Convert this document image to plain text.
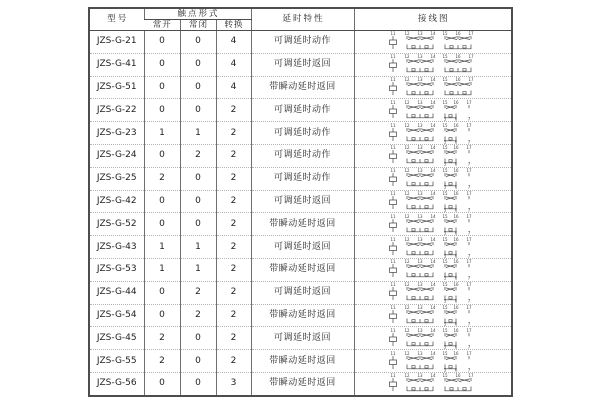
型号	触点形式			延时特性	接线图
	常开	常闭	转换		
JZS-G-21	0	0	4	可调延时动作	
11 12 13 14 15 16 17

JZS-G-41	0	0	4	可调延时返回	
11 12 13 14 15 16 17

JZS-G-51	0	0	4	带瞬动延时返回	
11 12 13 14 15 16 17

JZS-G-22	0	0	2	可调延时动作	
11 12 13 14 15 16 17
5 6	7

JZS-G-23	1	1	2	可调延时动作	
11 12 13 14 15 16 17
5 6	7

JZS-G-24	0	2	2	可调延时动作	
11 12 13 14 15 16 17
5 6	7

JZS-G-25	2	0	2	可调延时动作	
11 12 13 14 15 16 17
5 6	7

JZS-G-42	0	0	2	可调延时返回	
11 12 13 14 15 16 17
5 6	7

JZS-G-52	0	0	2	带瞬动延时返回	
11 12 13 14 15 16 17
5 6	7

JZS-G-43	1	1	2	可调延时返回	
11 12 13 14 15 16 17
5 6	7

JZS-G-53	1	1	2	带瞬动延时返回	
11 12 13 14 15 16 17
5 6	7

JZS-G-44	0	2	2	可调延时返回	
11 12 13 14 15 16 17
5 6	7

JZS-G-54	0	2	2	带瞬动延时返回	
11 12 13 14 15 16 17
5 6	7

JZS-G-45	2	0	2	可调延时返回	
11 12 13 14 15 16 17
5 6	7

JZS-G-55	2	0	2	带瞬动延时返回	
11 12 13 14 15 16 17
5 6	7

JZS-G-56	0	0	3	带瞬动延时返回	
11 12 13 14 15 16 17
